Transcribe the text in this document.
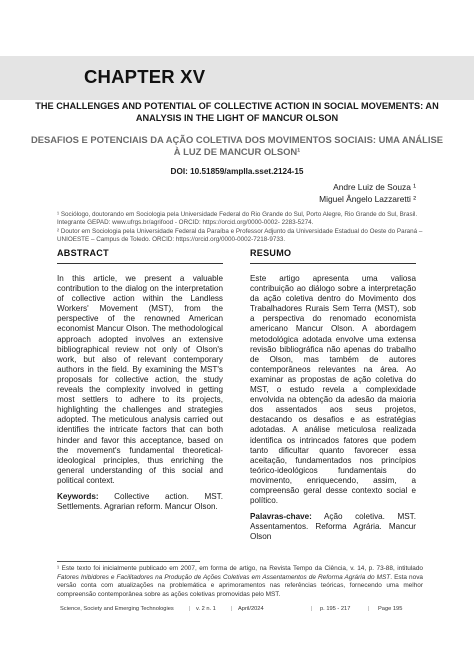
CHAPTER XV
THE CHALLENGES AND POTENTIAL OF COLLECTIVE ACTION IN SOCIAL MOVEMENTS: AN ANALYSIS IN THE LIGHT OF MANCUR OLSON
DESAFIOS E POTENCIAIS DA AÇÃO COLETIVA DOS MOVIMENTOS SOCIAIS: UMA ANÁLISE À LUZ DE MANCUR OLSON¹
DOI: 10.51859/amplla.sset.2124-15
Andre Luiz de Souza ¹
Miguel Ângelo Lazzaretti ²

¹ Sociólogo, doutorando em Sociologia pela Universidade Federal do Rio Grande do Sul, Porto Alegre, Rio Grande do Sul, Brasil. Integrante GEPAD: www.ufrgs.br/agrifood - ORCID: https://orcid.org/0000-0002- 2283-5274.

² Doutor em Sociologia pela Universidade Federal da Paraíba e Professor Adjunto da Universidade Estadual do Oeste do Paraná – UNIOESTE – Campus de Toledo. ORCID: https://orcid.org/0000-0002-7218-9733.

ABSTRACT
In this article, we present a valuable contribution to the dialog on the interpretation of collective action within the Landless Workers' Movement (MST), from the perspective of the renowned American economist Mancur Olson. The methodological approach adopted involves an extensive bibliographical review not only of Olson's work, but also of relevant contemporary authors in the field. By examining the MST's proposals for collective action, the study reveals the complexity involved in getting most settlers to adhere to its projects, highlighting the challenges and strategies adopted. The meticulous analysis carried out identifies the intricate factors that can both hinder and favor this acceptance, based on the movement's fundamental theoretical-ideological principles, thus enriching the general understanding of this social and political context.
Keywords: Collective action. MST. Settlements. Agrarian reform. Mancur Olson.
RESUMO
Este artigo apresenta uma valiosa contribuição ao diálogo sobre a interpretação da ação coletiva dentro do Movimento dos Trabalhadores Rurais Sem Terra (MST), sob a perspectiva do renomado economista americano Mancur Olson. A abordagem metodológica adotada envolve uma extensa revisão bibliográfica não apenas do trabalho de Olson, mas também de autores contemporâneos relevantes na área. Ao examinar as propostas de ação coletiva do MST, o estudo revela a complexidade envolvida na obtenção da adesão da maioria dos assentados aos seus projetos, destacando os desafios e as estratégias adotadas. A análise meticulosa realizada identifica os intrincados fatores que podem tanto dificultar quanto favorecer essa aceitação, fundamentados nos princípios teórico-ideológicos fundamentais do movimento, enriquecendo, assim, a compreensão geral desse contexto social e político.
Palavras-chave: Ação coletiva. MST. Assentamentos. Reforma Agrária. Mancur Olson
¹ Este texto foi inicialmente publicado em 2007, em forma de artigo, na Revista Tempo da Ciência, v. 14, p. 73-88, intitulado Fatores Inibidores e Facilitadores na Produção de Ações Coletivas em Assentamentos de Reforma Agrária do MST. Esta nova versão conta com atualizações na problemática e aprimoramentos nas referências teóricas, fornecendo uma melhor compreensão contemporânea sobre as ações coletivas promovidas pelo MST.
Science, Society and Emerging Technologies	| v. 2 n. 1	| April/2024	| p. 195 - 217	| Page 195
